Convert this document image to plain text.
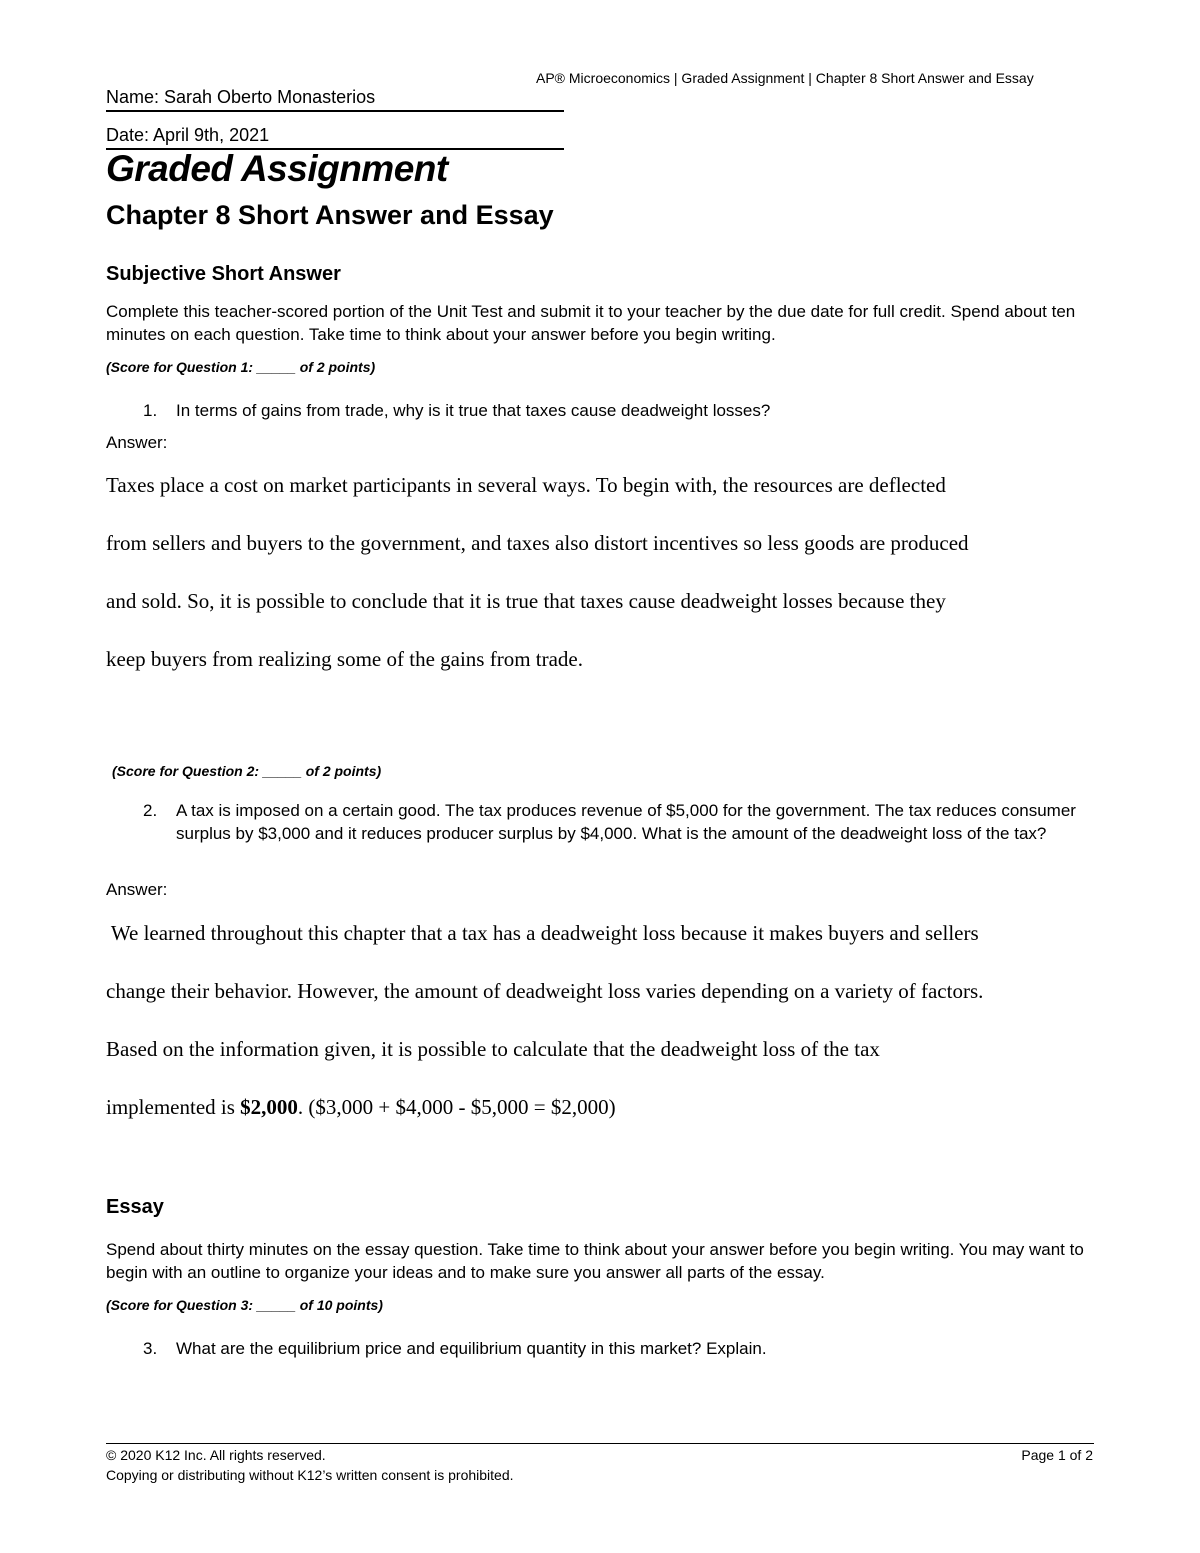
AP® Microeconomics | Graded Assignment | Chapter 8 Short Answer and Essay
Name: Sarah Oberto Monasterios
Date: April 9th, 2021
Graded Assignment
Chapter 8 Short Answer and Essay
Subjective Short Answer
Complete this teacher-scored portion of the Unit Test and submit it to your teacher by the due date for full credit. Spend about ten minutes on each question. Take time to think about your answer before you begin writing.
(Score for Question 1: _____ of 2 points)
1. In terms of gains from trade, why is it true that taxes cause deadweight losses?
Answer:
Taxes place a cost on market participants in several ways. To begin with, the resources are deflected
from sellers and buyers to the government, and taxes also distort incentives so less goods are produced
and sold. So, it is possible to conclude that it is true that taxes cause deadweight losses because they
keep buyers from realizing some of the gains from trade.
(Score for Question 2: _____ of 2 points)
2. A tax is imposed on a certain good. The tax produces revenue of $5,000 for the government. The tax reduces consumer surplus by $3,000 and it reduces producer surplus by $4,000. What is the amount of the deadweight loss of the tax?
Answer:
We learned throughout this chapter that a tax has a deadweight loss because it makes buyers and sellers
change their behavior. However, the amount of deadweight loss varies depending on a variety of factors.
Based on the information given, it is possible to calculate that the deadweight loss of the tax
implemented is $2,000. ($3,000 + $4,000 - $5,000 = $2,000)
Essay
Spend about thirty minutes on the essay question. Take time to think about your answer before you begin writing. You may want to begin with an outline to organize your ideas and to make sure you answer all parts of the essay.
(Score for Question 3: _____ of 10 points)
3. What are the equilibrium price and equilibrium quantity in this market? Explain.
© 2020 K12 Inc. All rights reserved.	Page 1 of 2
Copying or distributing without K12’s written consent is prohibited.
